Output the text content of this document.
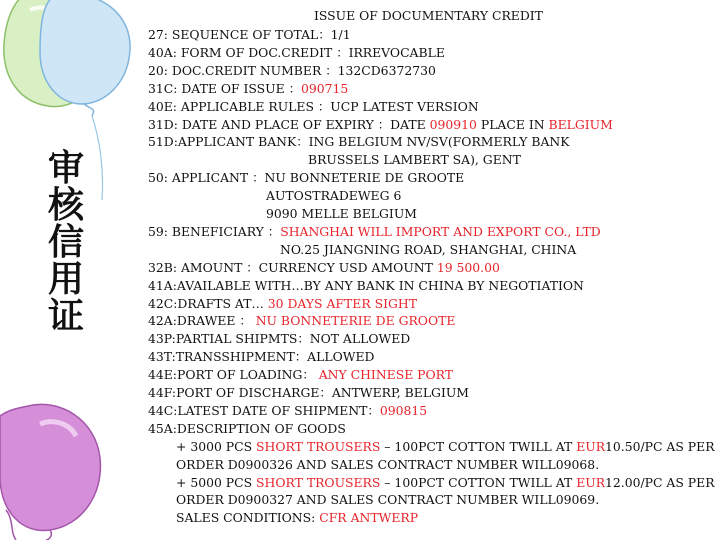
审
核
信
用
证
ISSUE OF DOCUMENTARY CREDIT
27: SEQUENCE OF TOTAL：1/1
40A: FORM OF DOC.CREDIT ：IRREVOCABLE
20: DOC.CREDIT NUMBER ：132CD6372730
31C: DATE OF ISSUE ：090715
40E: APPLICABLE RULES ：UCP LATEST VERSION
31D: DATE AND PLACE OF EXPIRY ：DATE 090910 PLACE IN BELGIUM
51D:APPLICANT BANK：ING BELGIUM NV/SV(FORMERLY BANK
BRUSSELS LAMBERT SA), GENT
50: APPLICANT ：NU BONNETERIE DE GROOTE
AUTOSTRADEWEG 6
9090 MELLE BELGIUM
59: BENEFICIARY ：SHANGHAI WILL IMPORT AND EXPORT CO., LTD
NO.25 JIANGNING ROAD, SHANGHAI, CHINA
32B: AMOUNT ：CURRENCY USD AMOUNT 19 500.00
41A:AVAILABLE WITH…BY ANY BANK IN CHINA BY NEGOTIATION
42C:DRAFTS AT… 30 DAYS AFTER SIGHT
42A:DRAWEE ： NU BONNETERIE DE GROOTE
43P:PARTIAL SHIPMTS：NOT ALLOWED
43T:TRANSSHIPMENT：ALLOWED
44E:PORT OF LOADING： ANY CHINESE PORT
44F:PORT OF DISCHARGE：ANTWERP, BELGIUM
44C:LATEST DATE OF SHIPMENT：090815
45A:DESCRIPTION OF GOODS
+ 3000 PCS SHORT TROUSERS – 100PCT COTTON TWILL AT EUR10.50/PC AS PER
ORDER D0900326 AND SALES CONTRACT NUMBER WILL09068.
+ 5000 PCS SHORT TROUSERS – 100PCT COTTON TWILL AT EUR12.00/PC AS PER
ORDER D0900327 AND SALES CONTRACT NUMBER WILL09069.
SALES CONDITIONS: CFR ANTWERP
